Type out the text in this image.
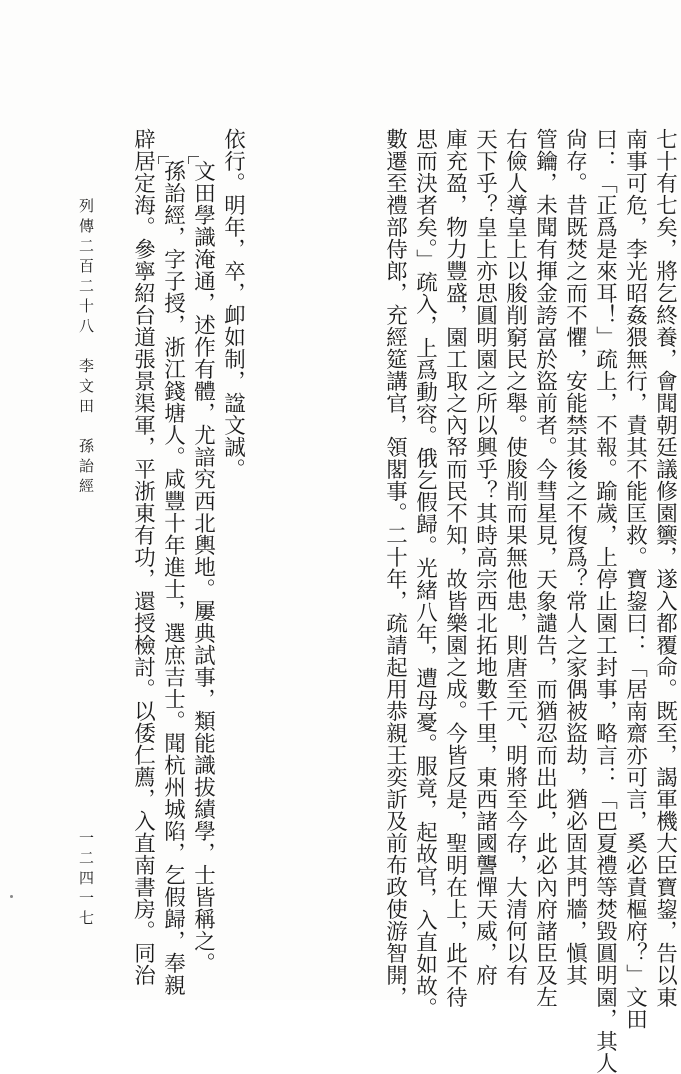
七十有七矣，將乞終養，會聞朝廷議修園籞，遂入都覆命。既至，謁軍機大臣寶鋆，告以東
南事可危，李光昭姦猥無行，責其不能匡救。寶鋆曰：「居南齋亦可言，奚必責樞府？」文田
曰：「正爲是來耳！」疏上，不報。踰歲，上停止園工封事，略言：「巴夏禮等焚毀圓明園，其人
尙存。昔既焚之而不懼，安能禁其後之不復爲？常人之家偶被盜劫，猶必固其門牆，愼其
管鑰，未聞有揮金誇富於盜前者。今彗星見，天象譴告，而猶忍而出此，此必內府諸臣及左
右儉人導皇上以朘削窮民之舉。使朘削而果無他患，則唐至元、明將至今存，大清何以有
天下乎？皇上亦思圓明園之所以興乎？其時高宗西北拓地數千里，東西諸國讋憚天威，府
庫充盈，物力豐盛，園工取之內帑而民不知，故皆樂園之成。今皆反是，聖明在上，此不待
思而決者矣。」疏入，上爲動容。俄乞假歸。光緒八年，遭母憂。服竟，起故官，入直如故。
數遷至禮部侍郎，充經筵講官，領閣事。二十年，疏請起用恭親王奕訢及前布政使游智開，
依行。明年，卒，卹如制，諡文誠。
文田學識淹通，述作有體，尤諳究西北輿地。屢典試事，類能識拔績學，士皆稱之。
孫詒經，字子授，浙江錢塘人。咸豐十年進士，選庶吉士。聞杭州城陷，乞假歸，奉親
辟居定海。參寧紹台道張景渠軍，平浙東有功，還授檢討。以倭仁薦，入直南書房。同治
列傳二百二十八　李文田　孫詒經
一二四一七
